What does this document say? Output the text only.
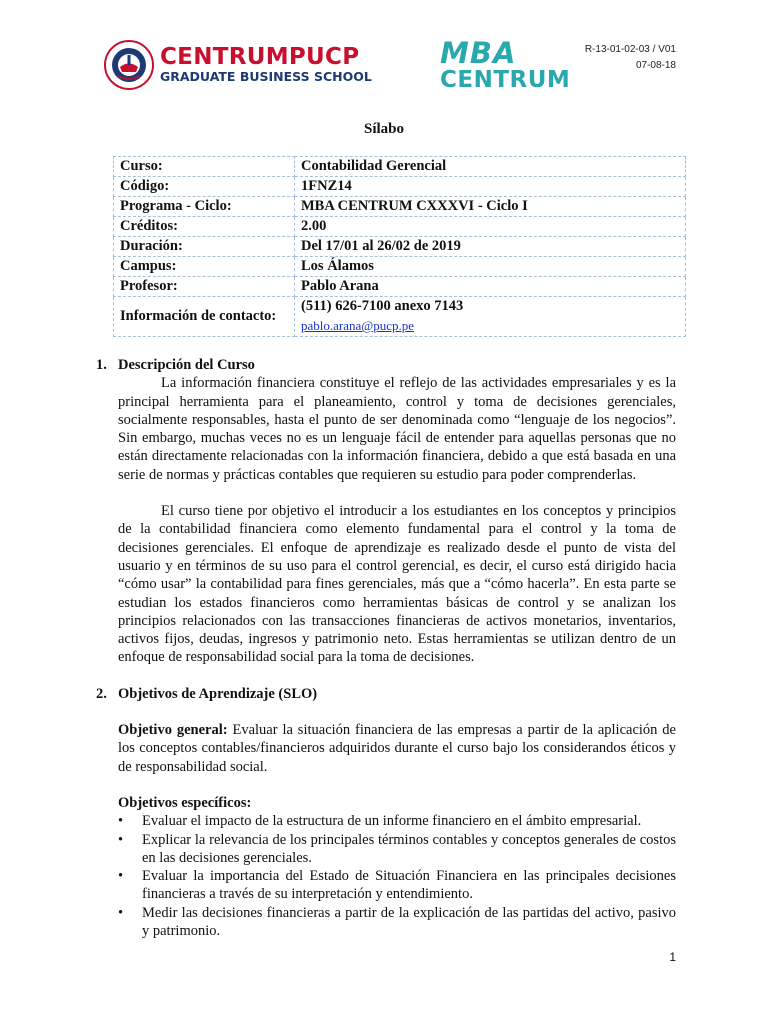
CENTRUMPUCP
GRADUATE BUSINESS SCHOOL
MBA
CENTRUM
R-13-01-02-03 / V01
07-08-18
Sílabo
Curso:	Contabilidad Gerencial
Código:	1FNZ14
Programa - Ciclo:	MBA CENTRUM CXXXVI - Ciclo I
Créditos:	2.00
Duración:	Del 17/01 al 26/02 de 2019
Campus:	Los Álamos
Profesor:	Pablo Arana
Información de contacto:	(511) 626-7100 anexo 7143
pablo.arana@pucp.pe
1. Descripción del Curso

La información financiera constituye el reflejo de las actividades empresariales y es la principal herramienta para el planeamiento, control y toma de decisiones gerenciales, socialmente responsables, hasta el punto de ser denominada como “lenguaje de los negocios”. Sin embargo, muchas veces no es un lenguaje fácil de entender para aquellas personas que no están directamente relacionadas con la información financiera, debido a que está basada en una serie de normas y prácticas contables que requieren su estudio para poder comprenderlas.

El curso tiene por objetivo el introducir a los estudiantes en los conceptos y principios de la contabilidad financiera como elemento fundamental para el control y la toma de decisiones gerenciales. El enfoque de aprendizaje es realizado desde el punto de vista del usuario y en términos de su uso para el control gerencial, es decir, el curso está dirigido hacia “cómo usar” la contabilidad para fines gerenciales, más que a “cómo hacerla”. En esta parte se estudian los estados financieros como herramientas básicas de control y se analizan los principios relacionados con las transacciones financieras de activos monetarios, inventarios, activos fijos, deudas, ingresos y patrimonio neto. Estas herramientas se utilizan dentro de un enfoque de responsabilidad social para la toma de decisiones.

2. Objetivos de Aprendizaje (SLO)

Objetivo general: Evaluar la situación financiera de las empresas a partir de la aplicación de los conceptos contables/financieros adquiridos durante el curso bajo los considerandos éticos y de responsabilidad social.

Objetivos específicos:
•	Evaluar el impacto de la estructura de un informe financiero en el ámbito empresarial.
•	Explicar la relevancia de los principales términos contables y conceptos generales de costos en las decisiones gerenciales.
•	Evaluar la importancia del Estado de Situación Financiera en las principales decisiones financieras a través de su interpretación y entendimiento.
•	Medir las decisiones financieras a partir de la explicación de las partidas del activo, pasivo y patrimonio.
1
